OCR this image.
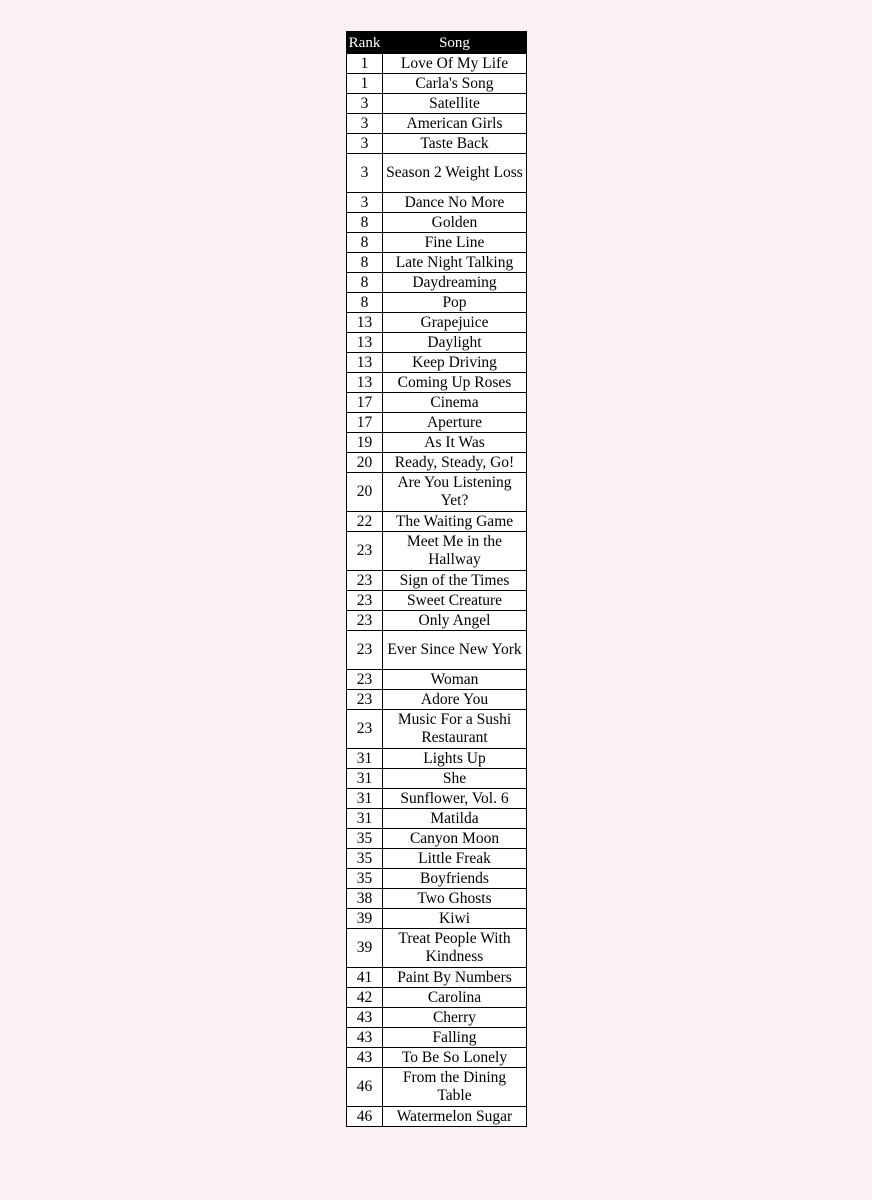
Rank	Song
1	Love Of My Life
1	Carla's Song
3	Satellite
3	American Girls
3	Taste Back
3	Season 2 Weight Loss
3	Dance No More
8	Golden
8	Fine Line
8	Late Night Talking
8	Daydreaming
8	Pop
13	Grapejuice
13	Daylight
13	Keep Driving
13	Coming Up Roses
17	Cinema
17	Aperture
19	As It Was
20	Ready, Steady, Go!
20	Are You Listening Yet?
22	The Waiting Game
23	Meet Me in the Hallway
23	Sign of the Times
23	Sweet Creature
23	Only Angel
23	Ever Since New York
23	Woman
23	Adore You
23	Music For a Sushi Restaurant
31	Lights Up
31	She
31	Sunflower, Vol. 6
31	Matilda
35	Canyon Moon
35	Little Freak
35	Boyfriends
38	Two Ghosts
39	Kiwi
39	Treat People With Kindness
41	Paint By Numbers
42	Carolina
43	Cherry
43	Falling
43	To Be So Lonely
46	From the Dining Table
46	Watermelon Sugar
